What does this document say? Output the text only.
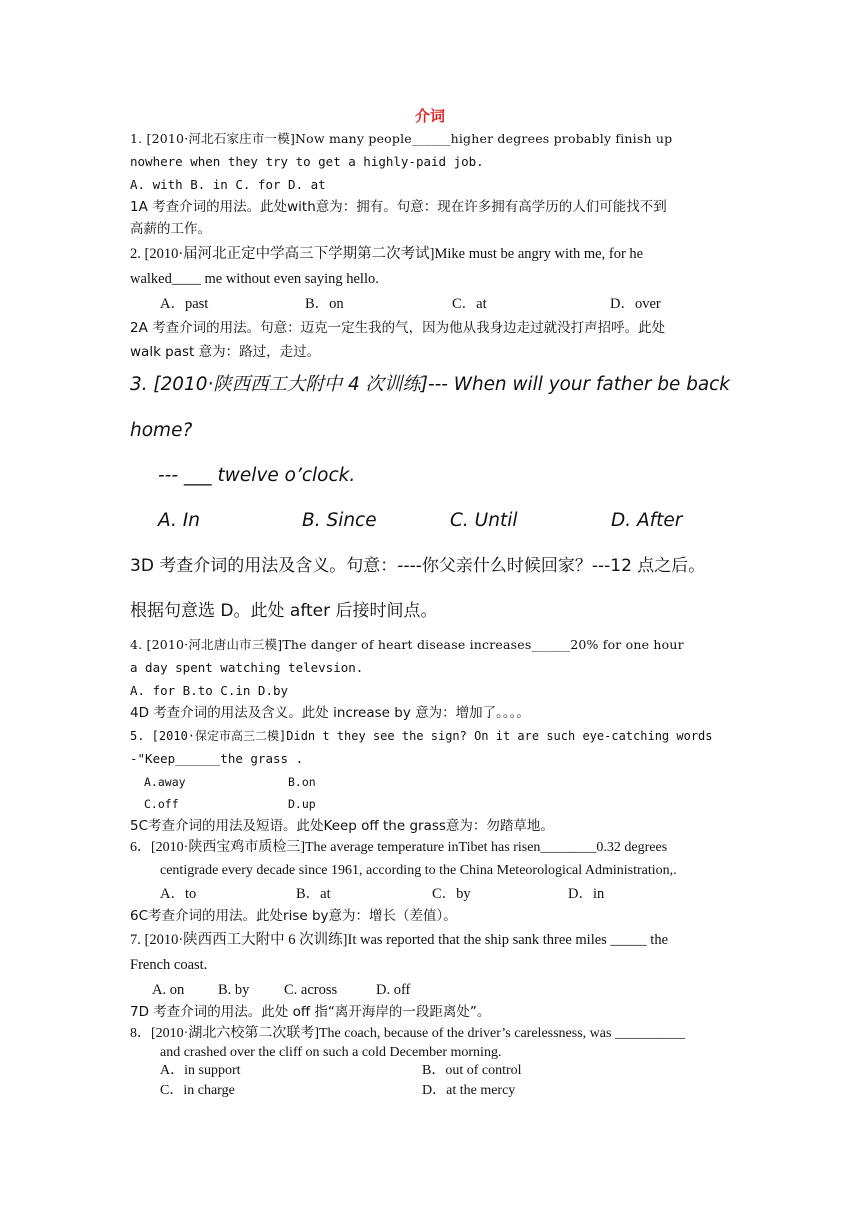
介词
1. [2010·河北石家庄市一模]Now many people______higher degrees probably finish up
nowhere when they try to get a highly-paid job.
A. with B. in C. for D. at
1A 考查介词的用法。此处with意为：拥有。句意：现在许多拥有高学历的人们可能找不到
高薪的工作。
2. [2010·届河北正定中学高三下学期第二次考试]Mike must be angry with me, for he
walked____ me without even saying hello.
A．past	B．on	C．at	D．over
2A 考查介词的用法。句意：迈克一定生我的气，因为他从我身边走过就没打声招呼。此处
walk past 意为：路过，走过。
3. [2010·陕西西工大附中 4 次训练]--- When will your father be back
home?
--- ___ twelve o’clock.
A. In	B. Since	C. Until	D. After
3D 考查介词的用法及含义。句意：----你父亲什么时候回家？---12 点之后。
根据句意选 D。此处 after 后接时间点。
4. [2010·河北唐山市三模]The danger of heart disease increases______20% for one hour
a day spent watching televsion.
A. for B.to C.in D.by
4D 考查介词的用法及含义。此处 increase by 意为：增加了。。。。
5. [2010·保定市高三二模]Didn t they see the sign? On it are such eye-catching words
-"Keep______the grass .
A.away	B.on
C.off	D.up
5C考查介词的用法及短语。此处Keep off the grass意为：勿踏草地。
6．[2010·陕西宝鸡市质检三]The average temperature inTibet has risen________0.32 degrees
centigrade every decade since 1961, according to the China Meteorological Administration,.
A．to	B．at	C．by	D．in
6C考查介词的用法。此处rise by意为：增长（差值）。
7. [2010·陕西西工大附中 6 次训练]It was reported that the ship sank three miles _____ the
French coast.
A. on B. by C. across	D. off
7D 考查介词的用法。此处 off 指“离开海岸的一段距离处”。
8．[2010·湖北六校第二次联考]The coach, because of the driver’s carelessness, was __________
and crashed over the cliff on such a cold December morning.
A．in support	B．out of control
C．in charge	D．at the mercy
